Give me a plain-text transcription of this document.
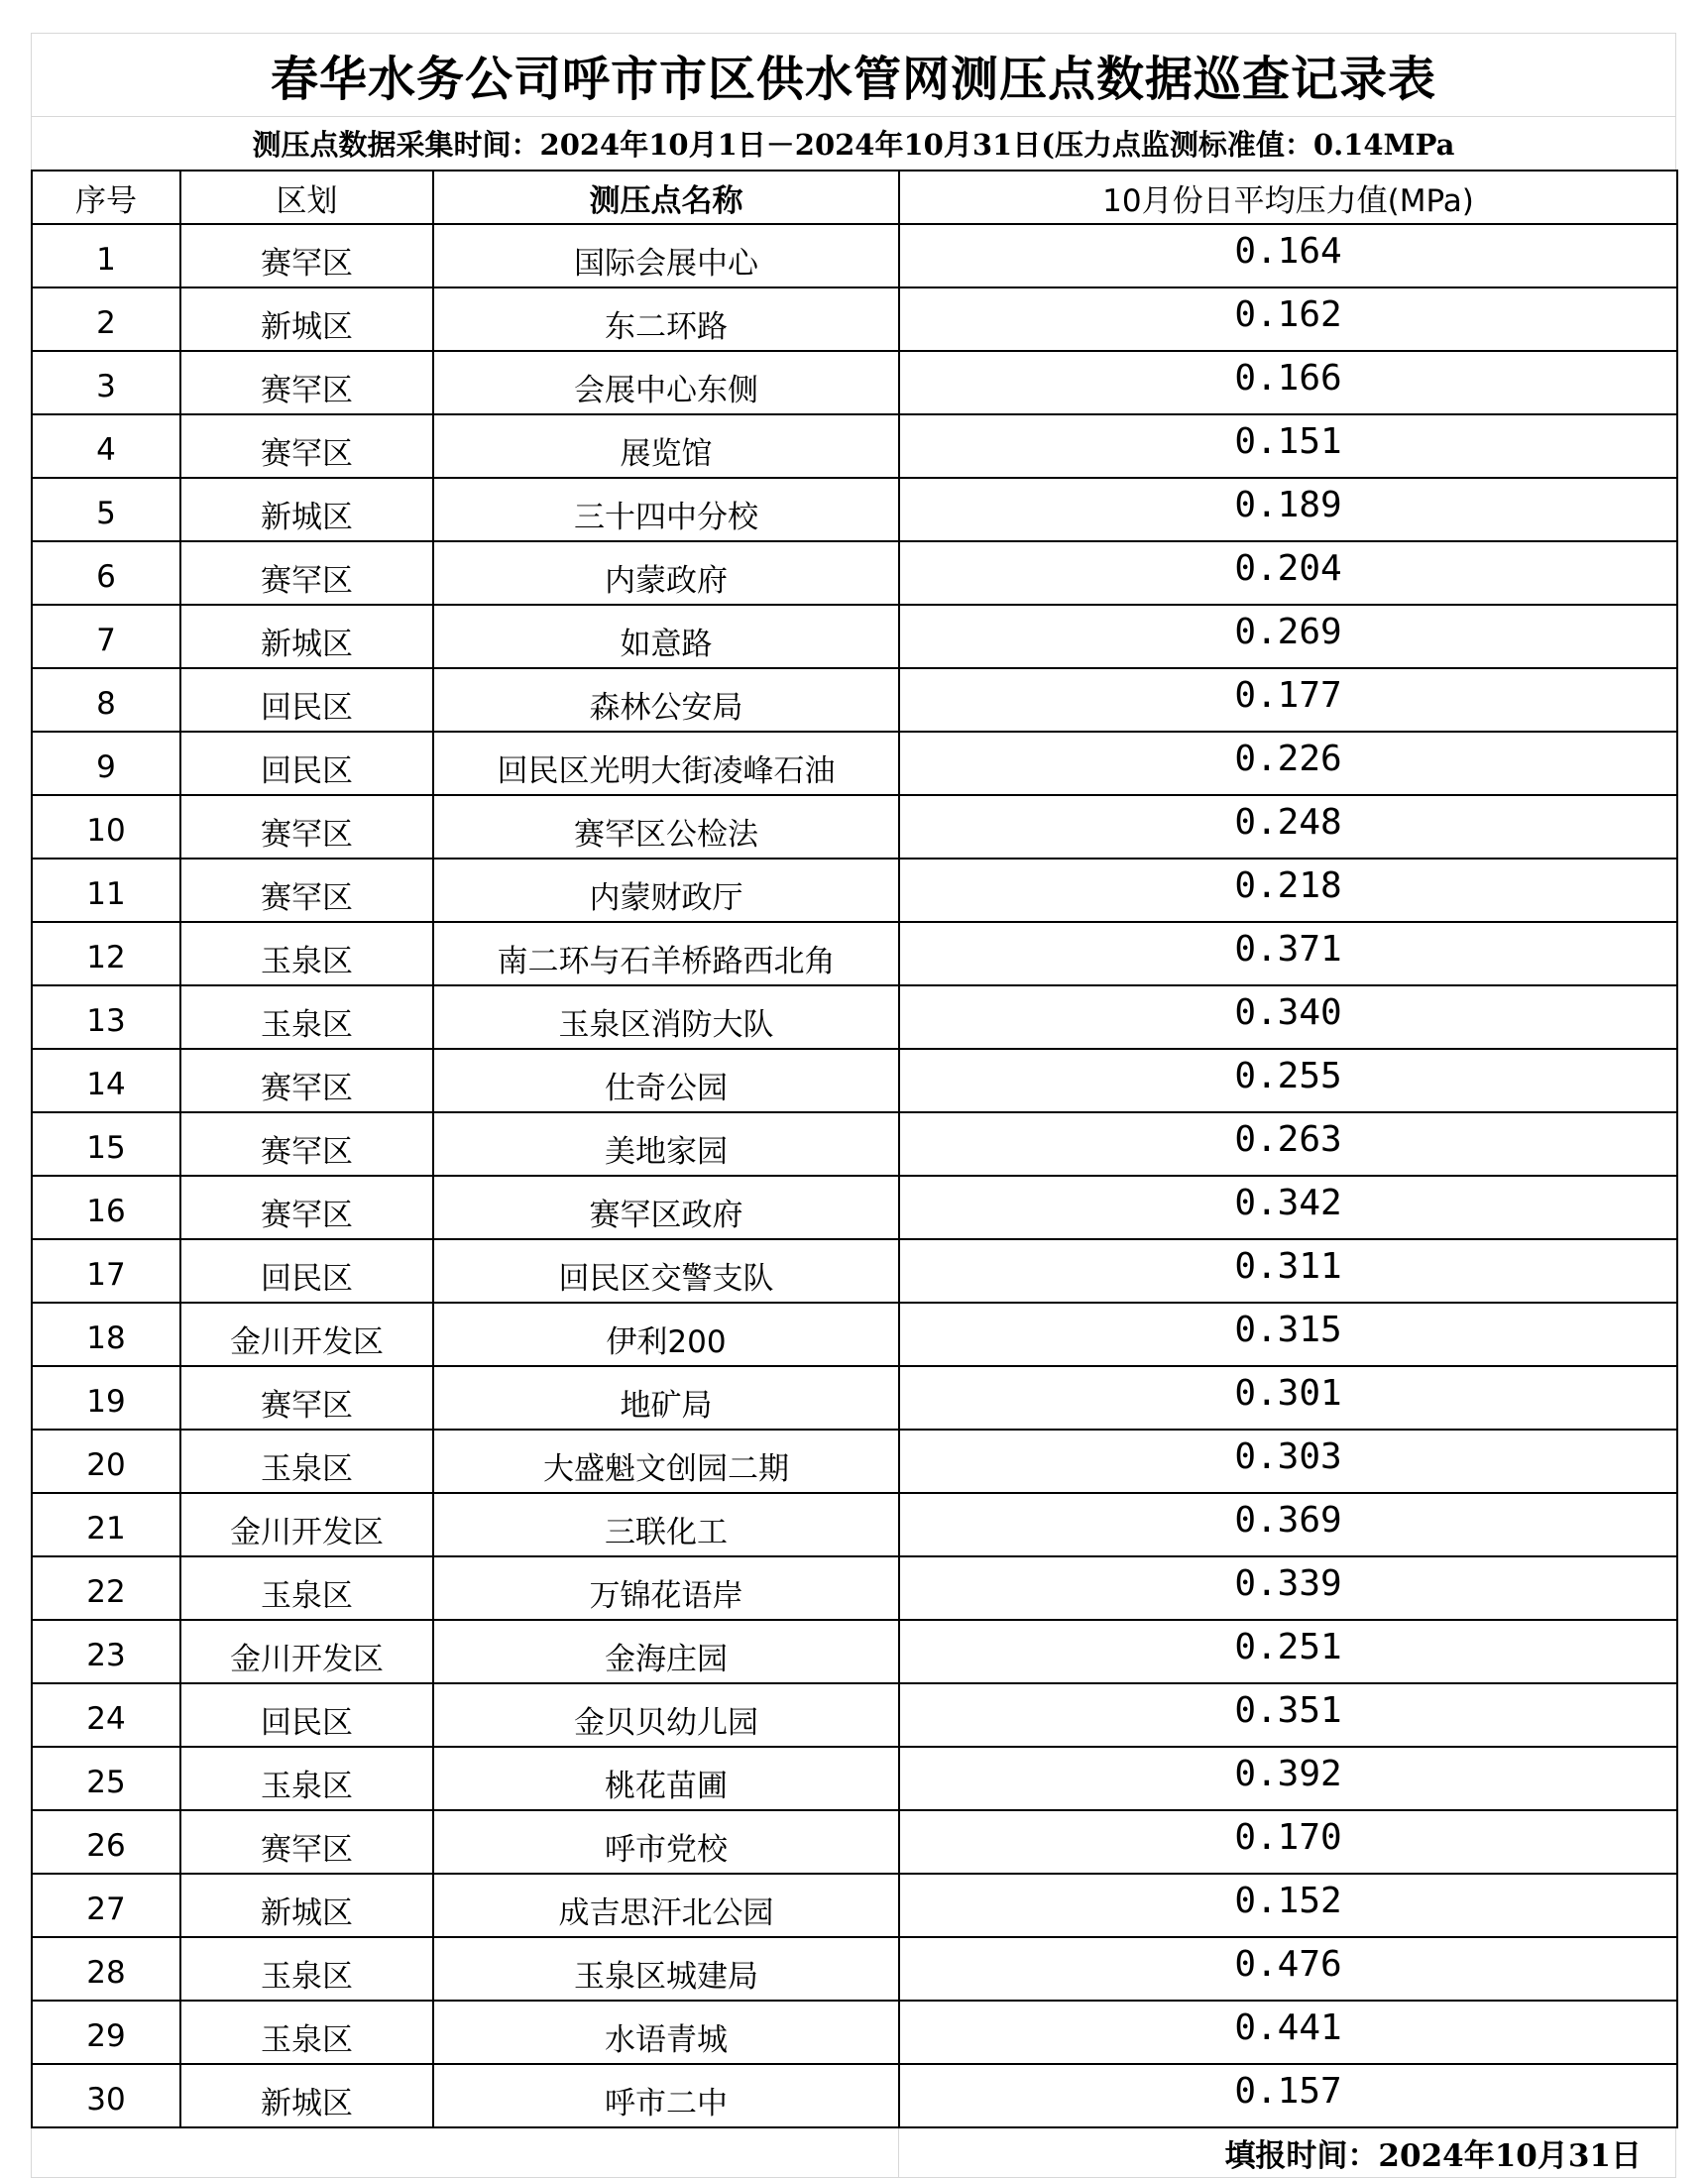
春华水务公司呼市市区供水管网测压点数据巡查记录表
测压点数据采集时间：2024年10月1日－2024年10月31日(压力点监测标准值：0.14MPa
序号	区划	测压点名称	10月份日平均压力值(MPa)
1	赛罕区	国际会展中心	0.164
2	新城区	东二环路	0.162
3	赛罕区	会展中心东侧	0.166
4	赛罕区	展览馆	0.151
5	新城区	三十四中分校	0.189
6	赛罕区	内蒙政府	0.204
7	新城区	如意路	0.269
8	回民区	森林公安局	0.177
9	回民区	回民区光明大街凌峰石油	0.226
10	赛罕区	赛罕区公检法	0.248
11	赛罕区	内蒙财政厅	0.218
12	玉泉区	南二环与石羊桥路西北角	0.371
13	玉泉区	玉泉区消防大队	0.340
14	赛罕区	仕奇公园	0.255
15	赛罕区	美地家园	0.263
16	赛罕区	赛罕区政府	0.342
17	回民区	回民区交警支队	0.311
18	金川开发区	伊利200	0.315
19	赛罕区	地矿局	0.301
20	玉泉区	大盛魁文创园二期	0.303
21	金川开发区	三联化工	0.369
22	玉泉区	万锦花语岸	0.339
23	金川开发区	金海庄园	0.251
24	回民区	金贝贝幼儿园	0.351
25	玉泉区	桃花苗圃	0.392
26	赛罕区	呼市党校	0.170
27	新城区	成吉思汗北公园	0.152
28	玉泉区	玉泉区城建局	0.476
29	玉泉区	水语青城	0.441
30	新城区	呼市二中	0.157
填报时间：2024年10月31日
